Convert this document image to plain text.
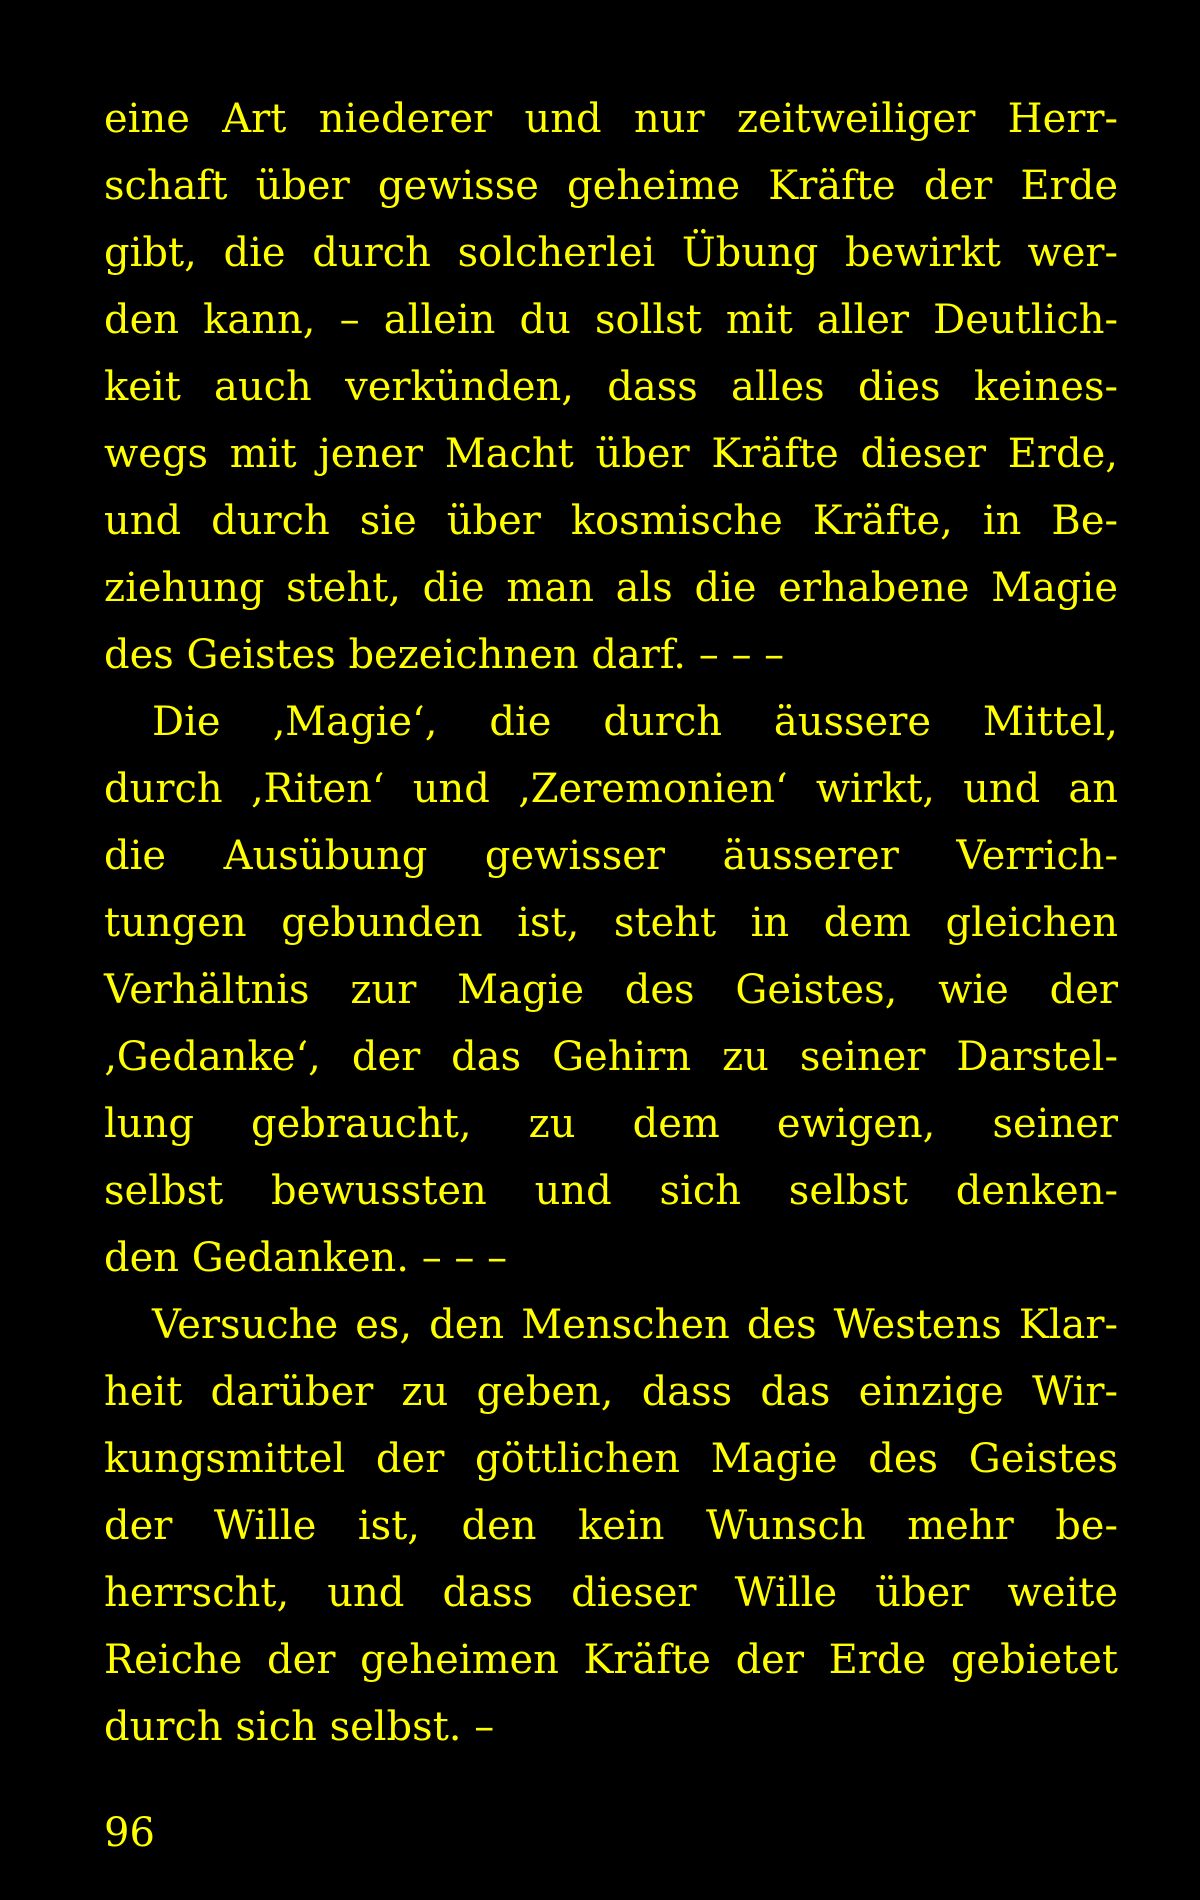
eine Art niederer und nur zeitweiliger Herr-
schaft über gewisse geheime Kräfte der Erde
gibt, die durch solcherlei Übung bewirkt wer-
den kann, – allein du sollst mit aller Deutlich-
keit auch verkünden, dass alles dies keines-
wegs mit jener Macht über Kräfte dieser Erde,
und durch sie über kosmische Kräfte, in Be-
ziehung steht, die man als die erhabene Magie
des Geistes bezeichnen darf. – – –
Die ‚Magie‘, die durch äussere Mittel,
durch ‚Riten‘ und ‚Zeremonien‘ wirkt, und an
die Ausübung gewisser äusserer Verrich-
tungen gebunden ist, steht in dem gleichen
Verhältnis zur Magie des Geistes, wie der
‚Gedanke‘, der das Gehirn zu seiner Darstel-
lung gebraucht, zu dem ewigen, seiner
selbst bewussten und sich selbst denken-
den Gedanken. – – –
Versuche es, den Menschen des Westens Klar-
heit darüber zu geben, dass das einzige Wir-
kungsmittel der göttlichen Magie des Geistes
der Wille ist, den kein Wunsch mehr be-
herrscht, und dass dieser Wille über weite
Reiche der geheimen Kräfte der Erde gebietet
durch sich selbst. –
96
